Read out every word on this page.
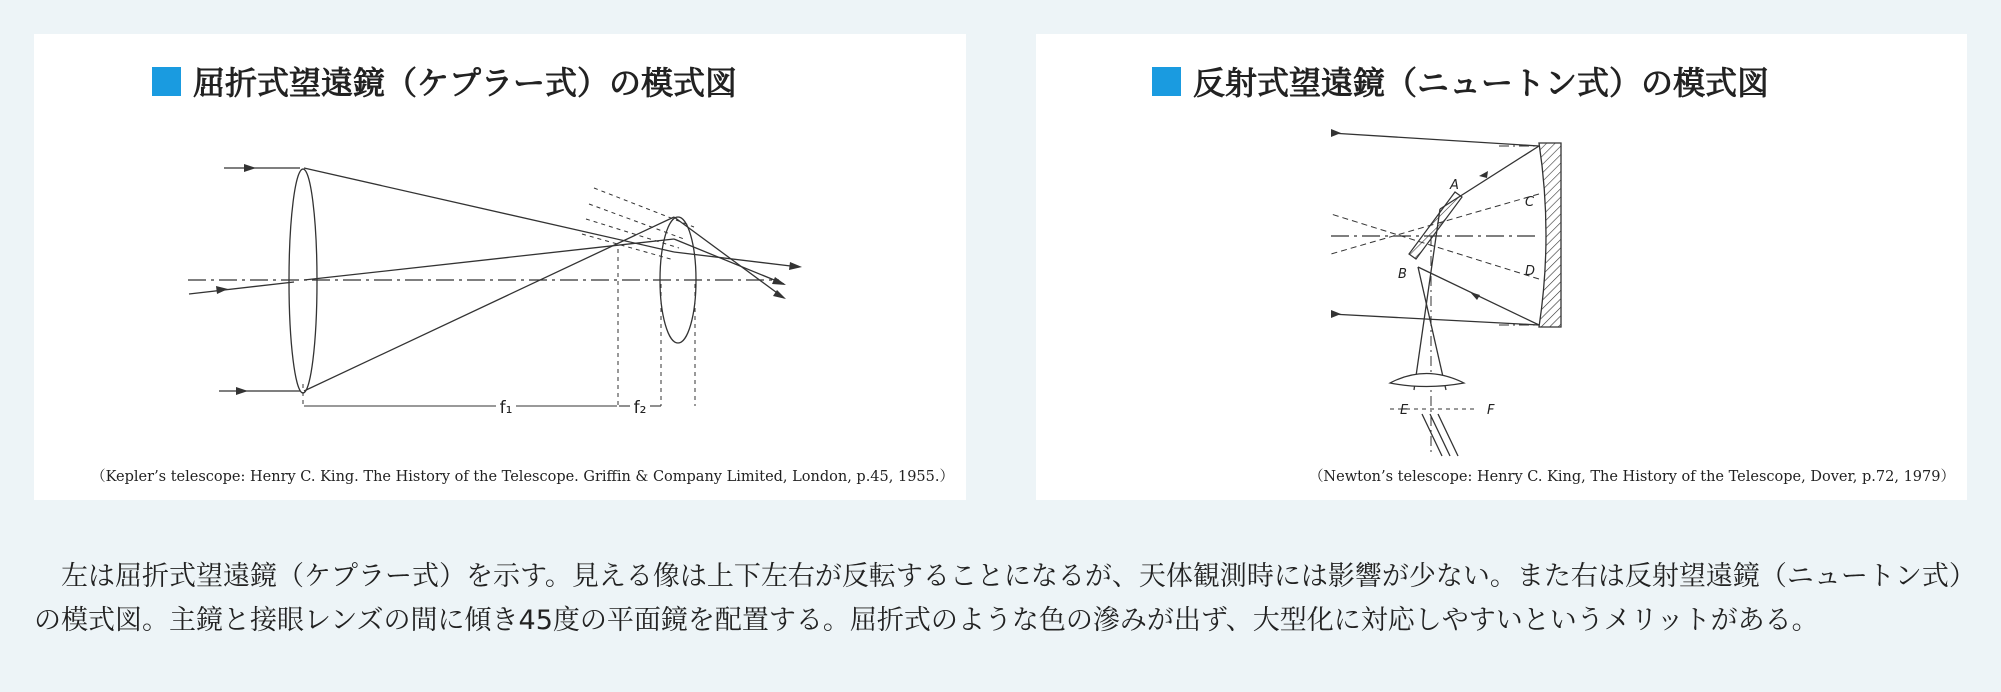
屈折式望遠鏡（ケプラー式）の模式図
f₁	f₂
（Kepler’s telescope: Henry C. King. The History of the Telescope. Griffin & Company Limited, London, p.45, 1955.）
反射式望遠鏡（ニュートン式）の模式図
A
B
C
D
E	F
（Newton’s telescope: Henry C. King, The History of the Telescope, Dover, p.72, 1979）

左は屈折式望遠鏡（ケプラー式）を示す。見える像は上下左右が反転することになるが、天体観測時には影響が少ない。また右は反射望遠鏡（ニュートン式）の模式図。主鏡と接眼レンズの間に傾き45度の平面鏡を配置する。屈折式のような色の滲みが出ず、大型化に対応しやすいというメリットがある。
